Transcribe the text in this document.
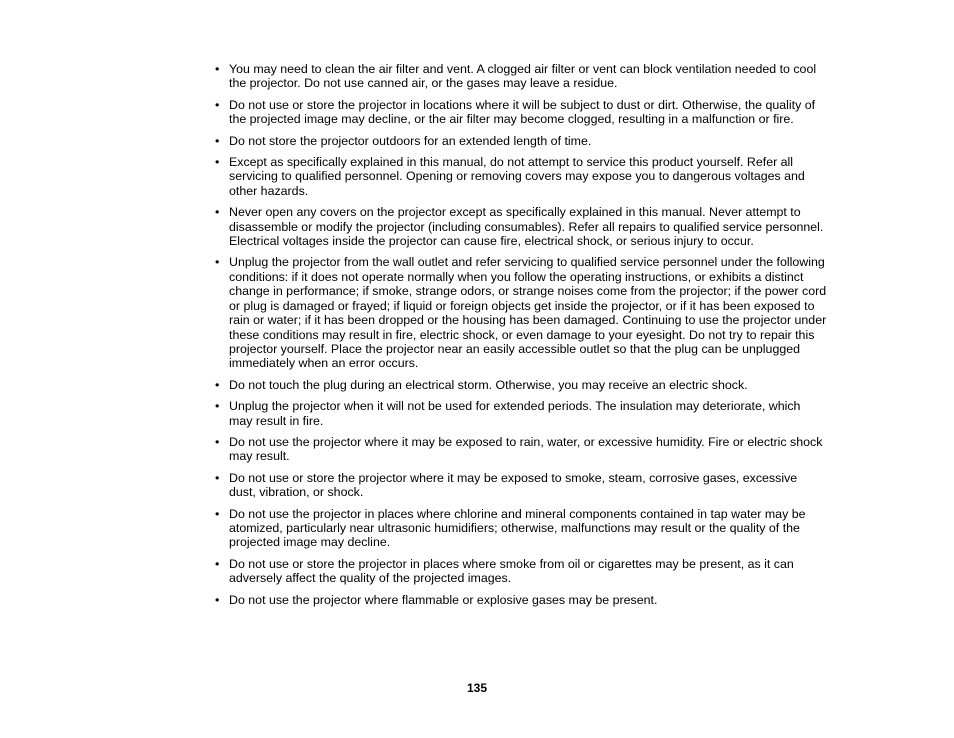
• You may need to clean the air filter and vent. A clogged air filter or vent can block ventilation needed to cool the projector. Do not use canned air, or the gases may leave a residue.
• Do not use or store the projector in locations where it will be subject to dust or dirt. Otherwise, the quality of the projected image may decline, or the air filter may become clogged, resulting in a malfunction or fire.
• Do not store the projector outdoors for an extended length of time.
• Except as specifically explained in this manual, do not attempt to service this product yourself. Refer all servicing to qualified personnel. Opening or removing covers may expose you to dangerous voltages and other hazards.
• Never open any covers on the projector except as specifically explained in this manual. Never attempt to disassemble or modify the projector (including consumables). Refer all repairs to qualified service personnel. Electrical voltages inside the projector can cause fire, electrical shock, or serious injury to occur.
• Unplug the projector from the wall outlet and refer servicing to qualified service personnel under the following conditions: if it does not operate normally when you follow the operating instructions, or exhibits a distinct change in performance; if smoke, strange odors, or strange noises come from the projector; if the power cord or plug is damaged or frayed; if liquid or foreign objects get inside the projector, or if it has been exposed to rain or water; if it has been dropped or the housing has been damaged. Continuing to use the projector under these conditions may result in fire, electric shock, or even damage to your eyesight. Do not try to repair this projector yourself. Place the projector near an easily accessible outlet so that the plug can be unplugged immediately when an error occurs.
• Do not touch the plug during an electrical storm. Otherwise, you may receive an electric shock.
• Unplug the projector when it will not be used for extended periods. The insulation may deteriorate, which may result in fire.
• Do not use the projector where it may be exposed to rain, water, or excessive humidity. Fire or electric shock may result.
• Do not use or store the projector where it may be exposed to smoke, steam, corrosive gases, excessive dust, vibration, or shock.
• Do not use the projector in places where chlorine and mineral components contained in tap water may be atomized, particularly near ultrasonic humidifiers; otherwise, malfunctions may result or the quality of the projected image may decline.
• Do not use or store the projector in places where smoke from oil or cigarettes may be present, as it can adversely affect the quality of the projected images.
• Do not use the projector where flammable or explosive gases may be present.
135
